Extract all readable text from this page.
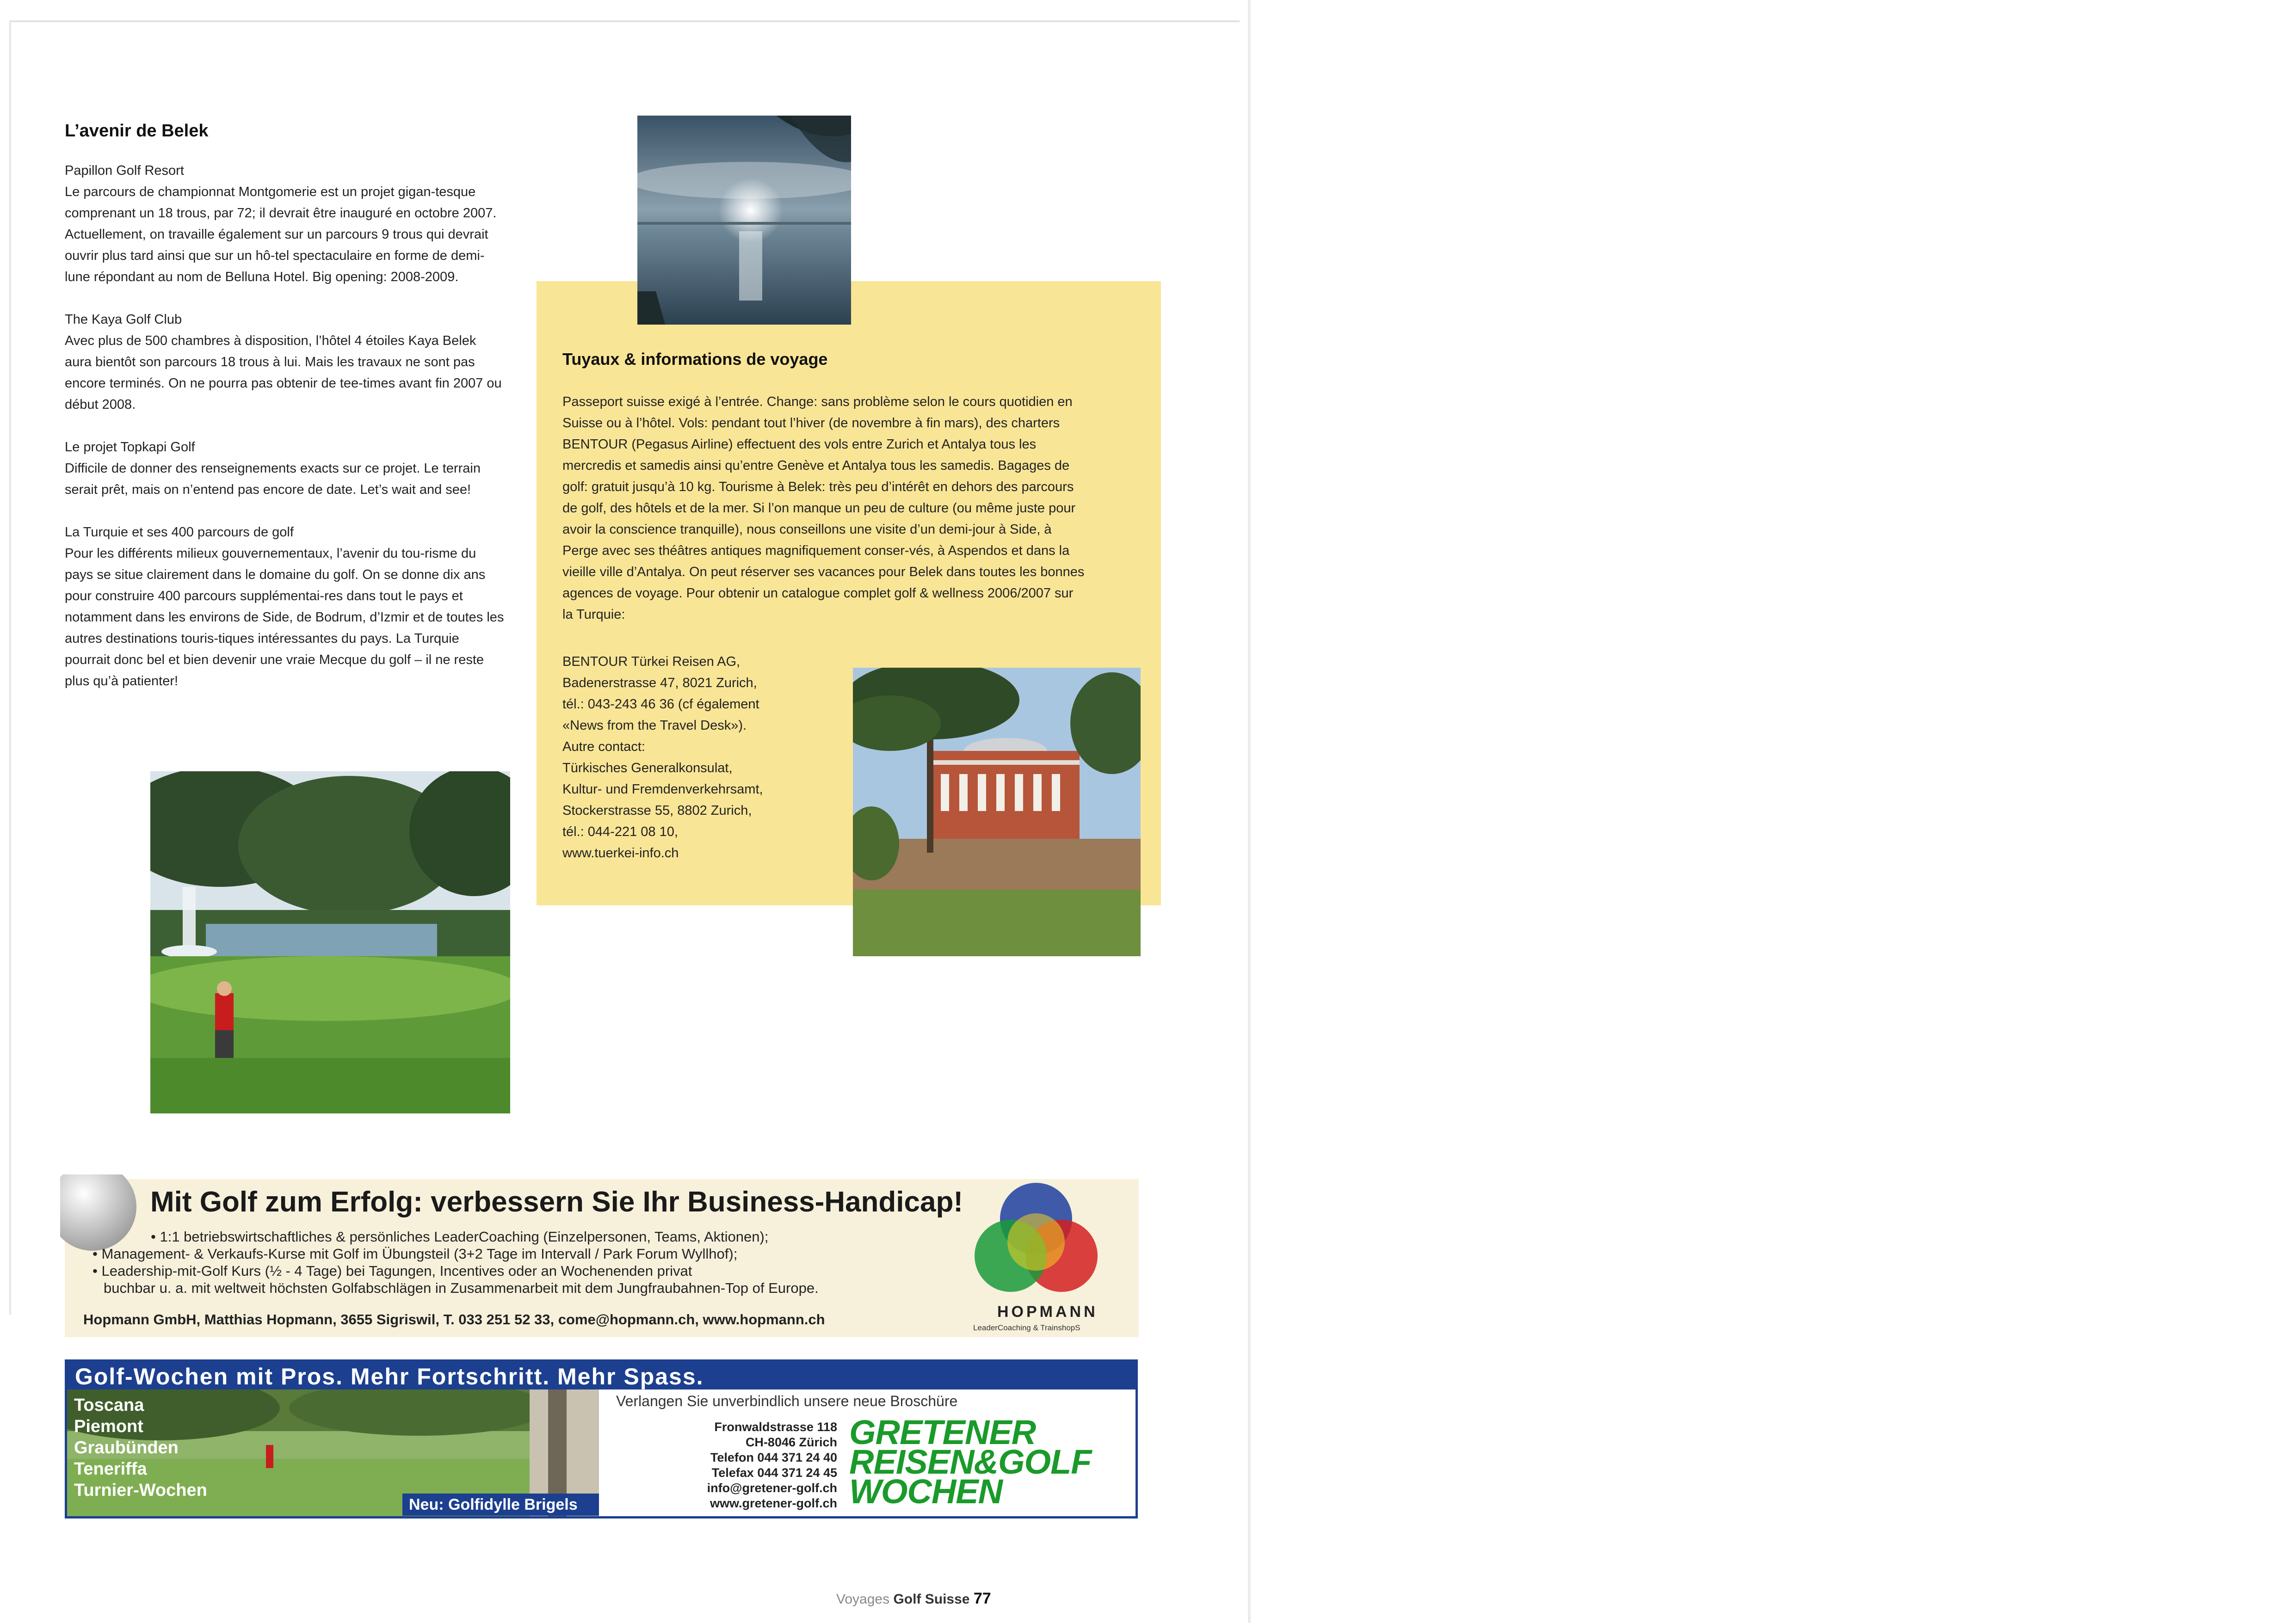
L’avenir de Belek

Papillon Golf Resort
Le parcours de championnat Montgomerie est un projet gigan-tesque comprenant un 18 trous, par 72; il devrait être inauguré en octobre 2007. Actuellement, on travaille également sur un parcours 9 trous qui devrait ouvrir plus tard ainsi que sur un hô-tel spectaculaire en forme de demi-lune répondant au nom de Belluna Hotel. Big opening: 2008-2009.

The Kaya Golf Club
Avec plus de 500 chambres à disposition, l’hôtel 4 étoiles Kaya Belek aura bientôt son parcours 18 trous à lui. Mais les travaux ne sont pas encore terminés. On ne pourra pas obtenir de tee-times avant fin 2007 ou début 2008.

Le projet Topkapi Golf
Difficile de donner des renseignements exacts sur ce projet. Le terrain serait prêt, mais on n’entend pas encore de date. Let’s wait and see!

La Turquie et ses 400 parcours de golf
Pour les différents milieux gouvernementaux, l’avenir du tou-risme du pays se situe clairement dans le domaine du golf. On se donne dix ans pour construire 400 parcours supplémentai-res dans tout le pays et notamment dans les environs de Side, de Bodrum, d’Izmir et de toutes les autres destinations touris-tiques intéressantes du pays. La Turquie pourrait donc bel et bien devenir une vraie Mecque du golf – il ne reste plus qu’à patienter!

Tuyaux & informations de voyage
Passeport suisse exigé à l’entrée. Change: sans problème selon le cours quotidien en Suisse ou à l’hôtel. Vols: pendant tout l’hiver (de novembre à fin mars), des charters BENTOUR (Pegasus Airline) effectuent des vols entre Zurich et Antalya tous les mercredis et samedis ainsi qu’entre Genève et Antalya tous les samedis. Bagages de golf: gratuit jusqu’à 10 kg. Tourisme à Belek: très peu d’intérêt en dehors des parcours de golf, des hôtels et de la mer. Si l’on manque un peu de culture (ou même juste pour avoir la conscience tranquille), nous conseillons une visite d’un demi-jour à Side, à Perge avec ses théâtres antiques magnifiquement conser-vés, à Aspendos et dans la vieille ville d’Antalya. On peut réserver ses vacances pour Belek dans toutes les bonnes agences de voyage. Pour obtenir un catalogue complet golf & wellness 2006/2007 sur la Turquie:
BENTOUR Türkei Reisen AG,
Badenerstrasse 47, 8021 Zurich,
tél.: 043-243 46 36 (cf également
«News from the Travel Desk»).
Autre contact:
Türkisches Generalkonsulat,
Kultur- und Fremdenverkehrsamt,
Stockerstrasse 55, 8802 Zurich,
tél.: 044-221 08 10,
www.tuerkei-info.ch
Mit Golf zum Erfolg: verbessern Sie Ihr Business-Handicap!
• 1:1 betriebswirtschaftliches & persönliches LeaderCoaching (Einzelpersonen, Teams, Aktionen);
• Management- & Verkaufs-Kurse mit Golf im Übungsteil (3+2 Tage im Intervall / Park Forum Wyllhof);
• Leadership-mit-Golf Kurs (½ - 4 Tage) bei Tagungen, Incentives oder an Wochenenden privat
buchbar u. a. mit weltweit höchsten Golfabschlägen in Zusammenarbeit mit dem Jungfraubahnen-Top of Europe.
Hopmann GmbH, Matthias Hopmann, 3655 Sigriswil, T. 033 251 52 33, come@hopmann.ch, www.hopmann.ch	HOPMANN
LeaderCoaching & TrainshopS
Golf-Wochen mit Pros. Mehr Fortschritt. Mehr Spass.
Toscana
Piemont
Graubünden
Teneriffa
Turnier-Wochen
Neu: Golfidylle Brigels
Verlangen Sie unverbindlich unsere neue Broschüre
Fronwaldstrasse 118
CH-8046 Zürich
Telefon 044 371 24 40
Telefax 044 371 24 45
info@gretener-golf.ch
www.gretener-golf.ch
GRETENER
REISEN&GOLF
WOCHEN
Voyages Golf Suisse 77
